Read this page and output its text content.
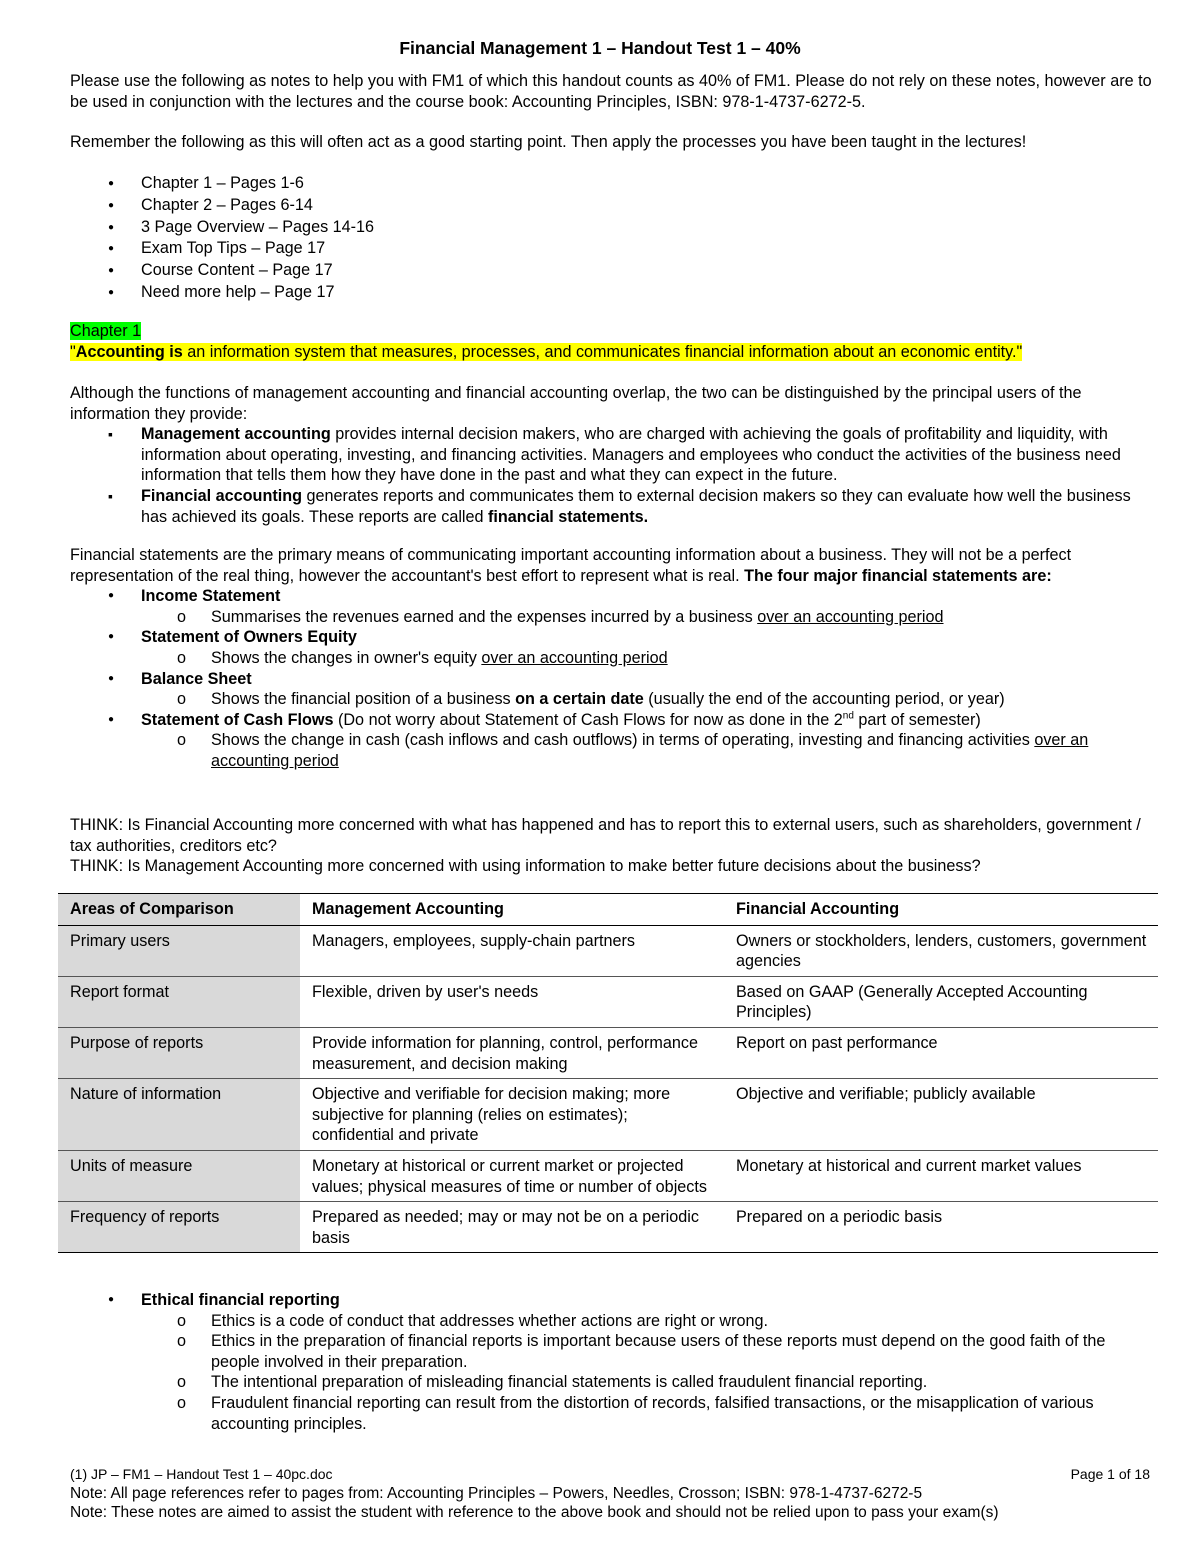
Financial Management 1 – Handout Test 1 – 40%

Please use the following as notes to help you with FM1 of which this handout counts as 40% of FM1. Please do not rely on these notes, however are to be used in conjunction with the lectures and the course book: Accounting Principles, ISBN: 978-1-4737-6272-5.

Remember the following as this will often act as a good starting point. Then apply the processes you have been taught in the lectures!

● Chapter 1 – Pages 1-6
● Chapter 2 – Pages 6-14
● 3 Page Overview – Pages 14-16
● Exam Top Tips – Page 17
● Course Content – Page 17
● Need more help – Page 17

Chapter 1

"Accounting is an information system that measures, processes, and communicates financial information about an economic entity."

Although the functions of management accounting and financial accounting overlap, the two can be distinguished by the principal users of the information they provide:

▪ Management accounting provides internal decision makers, who are charged with achieving the goals of profitability and liquidity, with information about operating, investing, and financing activities. Managers and employees who conduct the activities of the business need information that tells them how they have done in the past and what they can expect in the future.
▪ Financial accounting generates reports and communicates them to external decision makers so they can evaluate how well the business has achieved its goals. These reports are called financial statements.

Financial statements are the primary means of communicating important accounting information about a business. They will not be a perfect representation of the real thing, however the accountant's best effort to represent what is real. The four major financial statements are:

● Income Statement
o Summarises the revenues earned and the expenses incurred by a business over an accounting period
● Statement of Owners Equity
o Shows the changes in owner's equity over an accounting period
● Balance Sheet
o Shows the financial position of a business on a certain date (usually the end of the accounting period, or year)
● Statement of Cash Flows (Do not worry about Statement of Cash Flows for now as done in the 2nd part of semester)
o Shows the change in cash (cash inflows and cash outflows) in terms of operating, investing and financing activities over an accounting period

THINK: Is Financial Accounting more concerned with what has happened and has to report this to external users, such as shareholders, government / tax authorities, creditors etc?

THINK: Is Management Accounting more concerned with using information to make better future decisions about the business?

Areas of Comparison	Management Accounting	Financial Accounting
Primary users	Managers, employees, supply-chain partners	Owners or stockholders, lenders, customers, government agencies
Report format	Flexible, driven by user's needs	Based on GAAP (Generally Accepted Accounting Principles)
Purpose of reports	Provide information for planning, control, performance measurement, and decision making	Report on past performance
Nature of information	Objective and verifiable for decision making; more subjective for planning (relies on estimates); confidential and private	Objective and verifiable; publicly available
Units of measure	Monetary at historical or current market or projected values; physical measures of time or number of objects	Monetary at historical and current market values
Frequency of reports	Prepared as needed; may or may not be on a periodic basis	Prepared on a periodic basis
● Ethical financial reporting
o Ethics is a code of conduct that addresses whether actions are right or wrong.
o Ethics in the preparation of financial reports is important because users of these reports must depend on the good faith of the people involved in their preparation.
o The intentional preparation of misleading financial statements is called fraudulent financial reporting.
o Fraudulent financial reporting can result from the distortion of records, falsified transactions, or the misapplication of various accounting principles.
(1) JP – FM1 – Handout Test 1 – 40pc.doc	Page 1 of 18
Note: All page references refer to pages from: Accounting Principles – Powers, Needles, Crosson; ISBN: 978-1-4737-6272-5
Note: These notes are aimed to assist the student with reference to the above book and should not be relied upon to pass your exam(s)
